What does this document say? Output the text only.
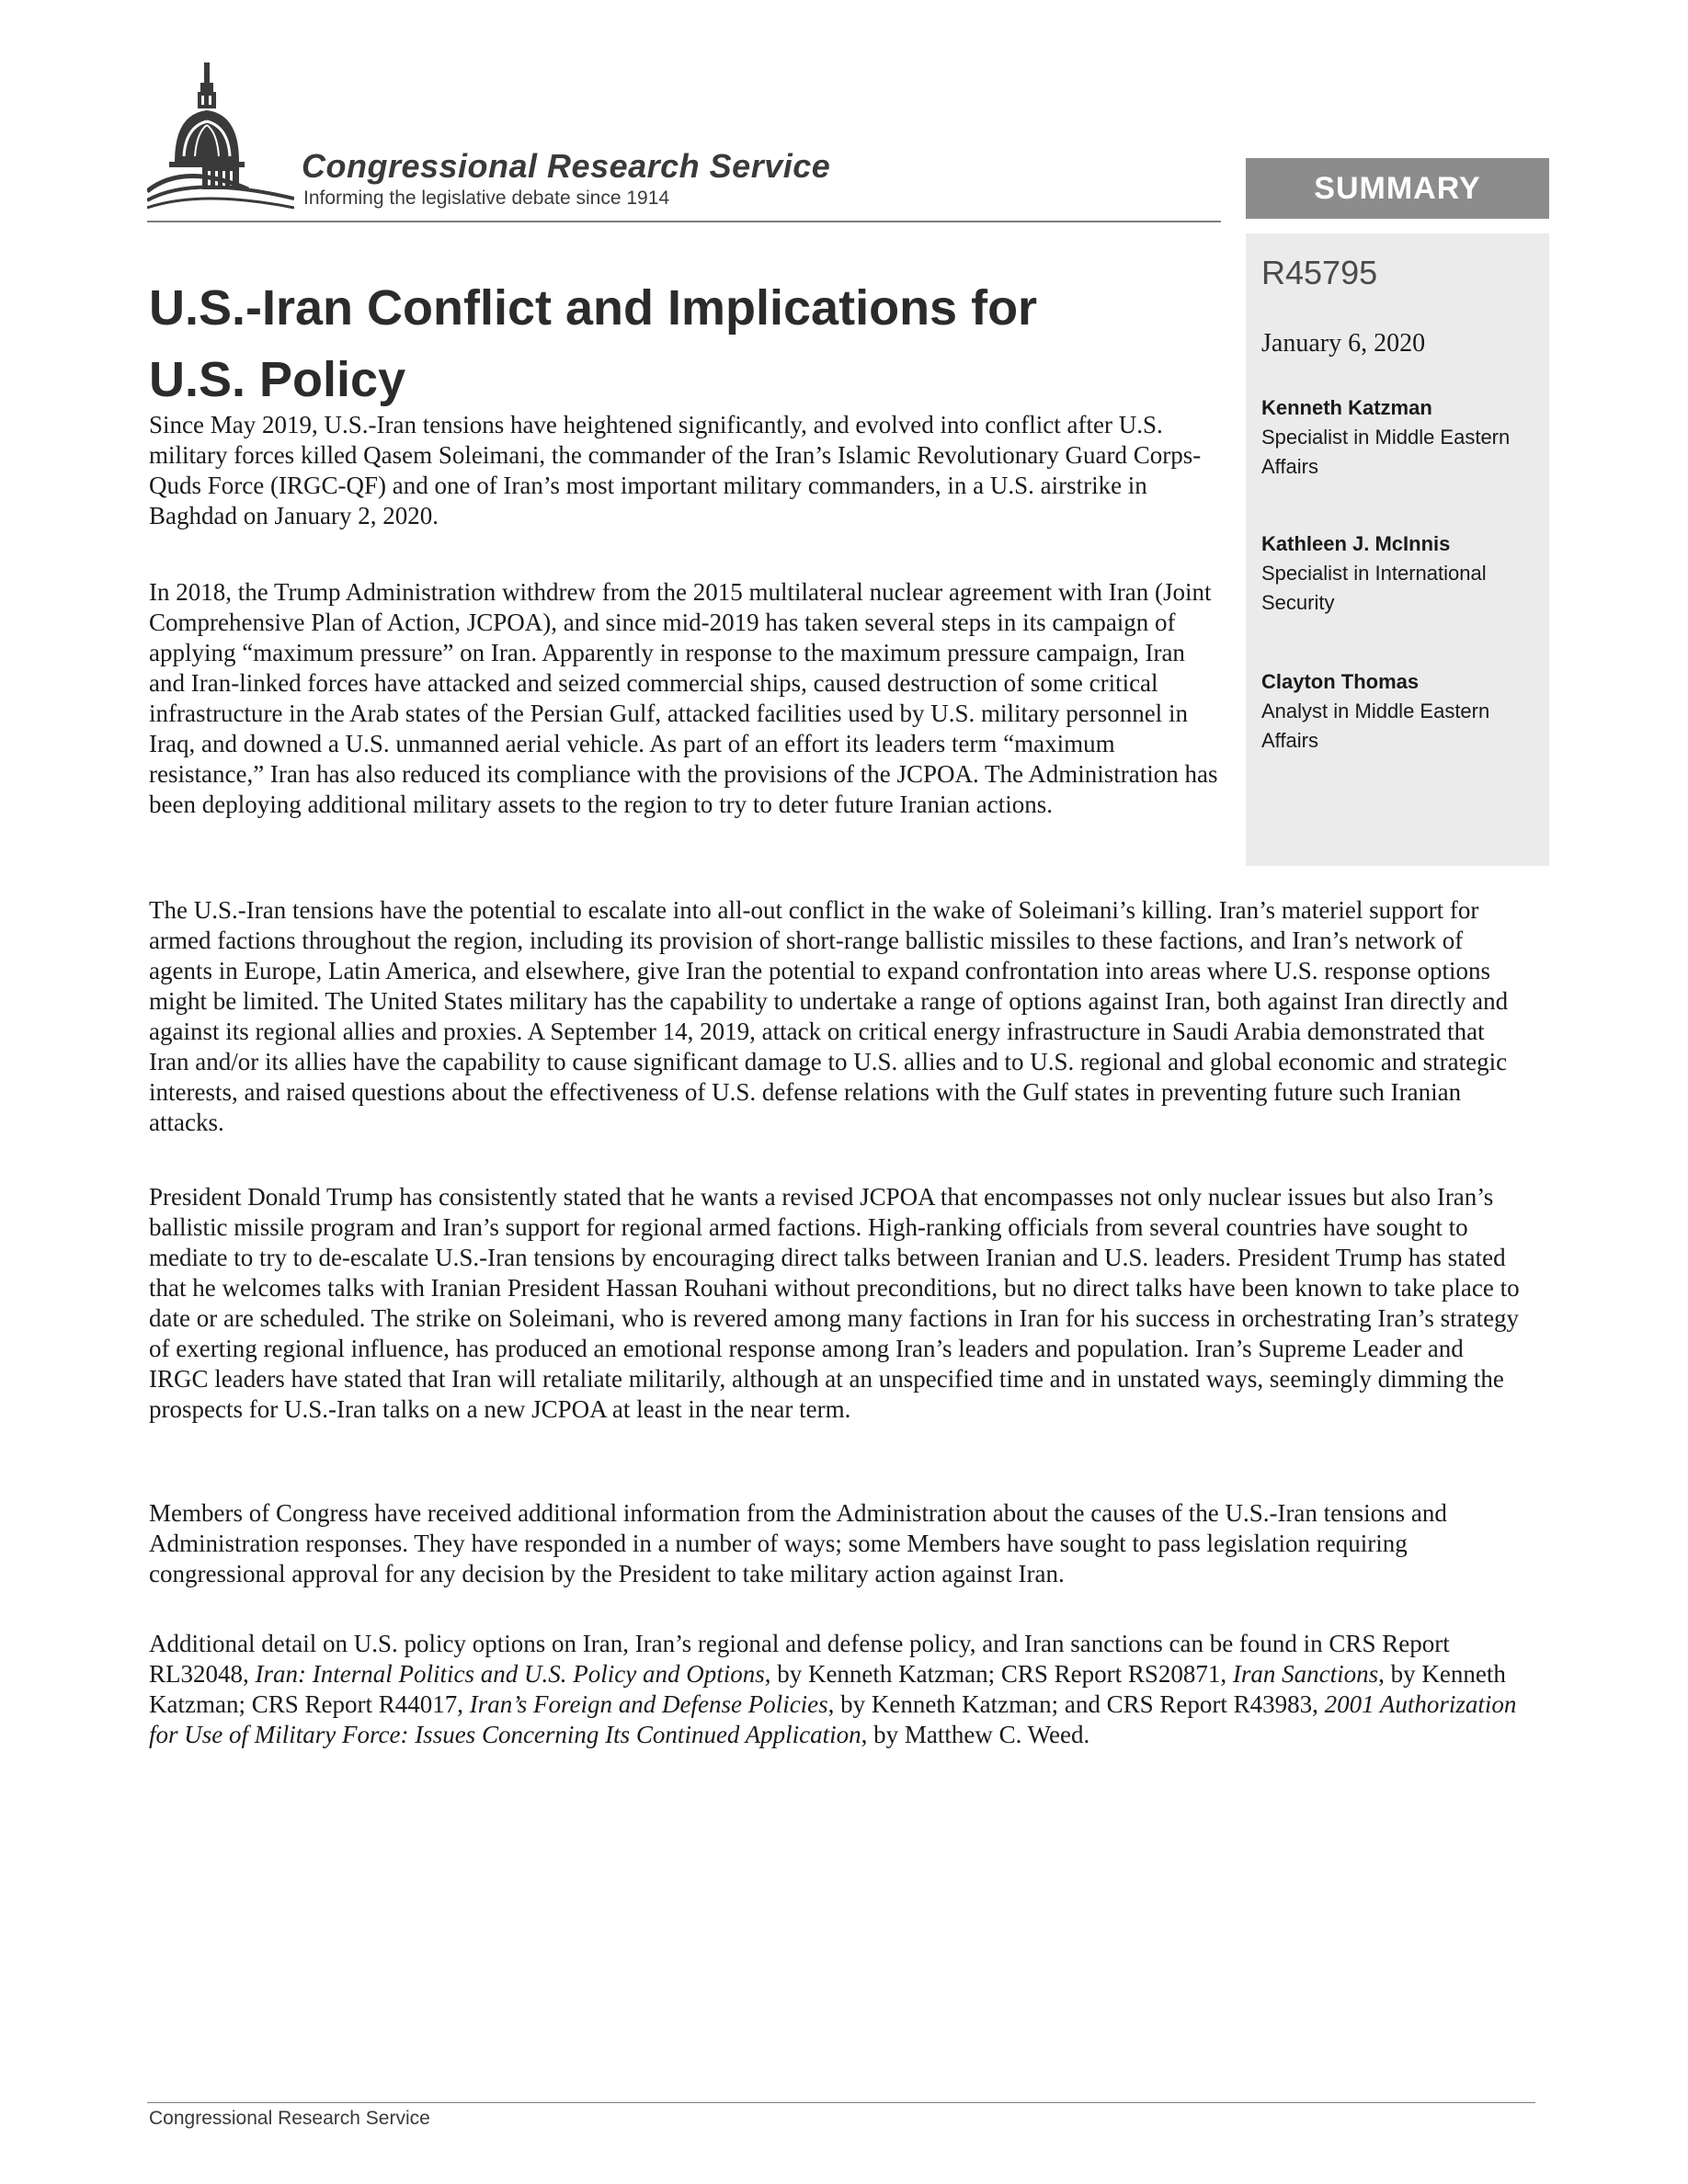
Congressional Research Service
Informing the legislative debate since 1914	SUMMARY
R45795
January 6, 2020
Kenneth Katzman
Specialist in Middle Eastern Affairs
Kathleen J. McInnis
Specialist in International Security
Clayton Thomas
Analyst in Middle Eastern Affairs
U.S.-Iran Conflict and Implications for U.S. Policy

Since May 2019, U.S.-Iran tensions have heightened significantly, and evolved into conflict after U.S. military forces killed Qasem Soleimani, the commander of the Iran’s Islamic Revolutionary Guard Corps-Quds Force (IRGC-QF) and one of Iran’s most important military commanders, in a U.S. airstrike in Baghdad on January 2, 2020.

In 2018, the Trump Administration withdrew from the 2015 multilateral nuclear agreement with Iran (Joint Comprehensive Plan of Action, JCPOA), and since mid-2019 has taken several steps in its campaign of applying “maximum pressure” on Iran. Apparently in response to the maximum pressure campaign, Iran and Iran-linked forces have attacked and seized commercial ships, caused destruction of some critical infrastructure in the Arab states of the Persian Gulf, attacked facilities used by U.S. military personnel in Iraq, and downed a U.S. unmanned aerial vehicle. As part of an effort its leaders term “maximum resistance,” Iran has also reduced its compliance with the provisions of the JCPOA. The Administration has been deploying additional military assets to the region to try to deter future Iranian actions.

The U.S.-Iran tensions have the potential to escalate into all-out conflict in the wake of Soleimani’s killing. Iran’s materiel support for armed factions throughout the region, including its provision of short-range ballistic missiles to these factions, and Iran’s network of agents in Europe, Latin America, and elsewhere, give Iran the potential to expand confrontation into areas where U.S. response options might be limited. The United States military has the capability to undertake a range of options against Iran, both against Iran directly and against its regional allies and proxies. A September 14, 2019, attack on critical energy infrastructure in Saudi Arabia demonstrated that Iran and/or its allies have the capability to cause significant damage to U.S. allies and to U.S. regional and global economic and strategic interests, and raised questions about the effectiveness of U.S. defense relations with the Gulf states in preventing future such Iranian attacks.

President Donald Trump has consistently stated that he wants a revised JCPOA that encompasses not only nuclear issues but also Iran’s ballistic missile program and Iran’s support for regional armed factions. High-ranking officials from several countries have sought to mediate to try to de-escalate U.S.-Iran tensions by encouraging direct talks between Iranian and U.S. leaders. President Trump has stated that he welcomes talks with Iranian President Hassan Rouhani without preconditions, but no direct talks have been known to take place to date or are scheduled. The strike on Soleimani, who is revered among many factions in Iran for his success in orchestrating Iran’s strategy of exerting regional influence, has produced an emotional response among Iran’s leaders and population. Iran’s Supreme Leader and IRGC leaders have stated that Iran will retaliate militarily, although at an unspecified time and in unstated ways, seemingly dimming the prospects for U.S.-Iran talks on a new JCPOA at least in the near term.

Members of Congress have received additional information from the Administration about the causes of the U.S.-Iran tensions and Administration responses. They have responded in a number of ways; some Members have sought to pass legislation requiring congressional approval for any decision by the President to take military action against Iran.

Additional detail on U.S. policy options on Iran, Iran’s regional and defense policy, and Iran sanctions can be found in CRS Report RL32048, Iran: Internal Politics and U.S. Policy and Options, by Kenneth Katzman; CRS Report RS20871, Iran Sanctions, by Kenneth Katzman; CRS Report R44017, Iran’s Foreign and Defense Policies, by Kenneth Katzman; and CRS Report R43983, 2001 Authorization for Use of Military Force: Issues Concerning Its Continued Application, by Matthew C. Weed.

Congressional Research Service
